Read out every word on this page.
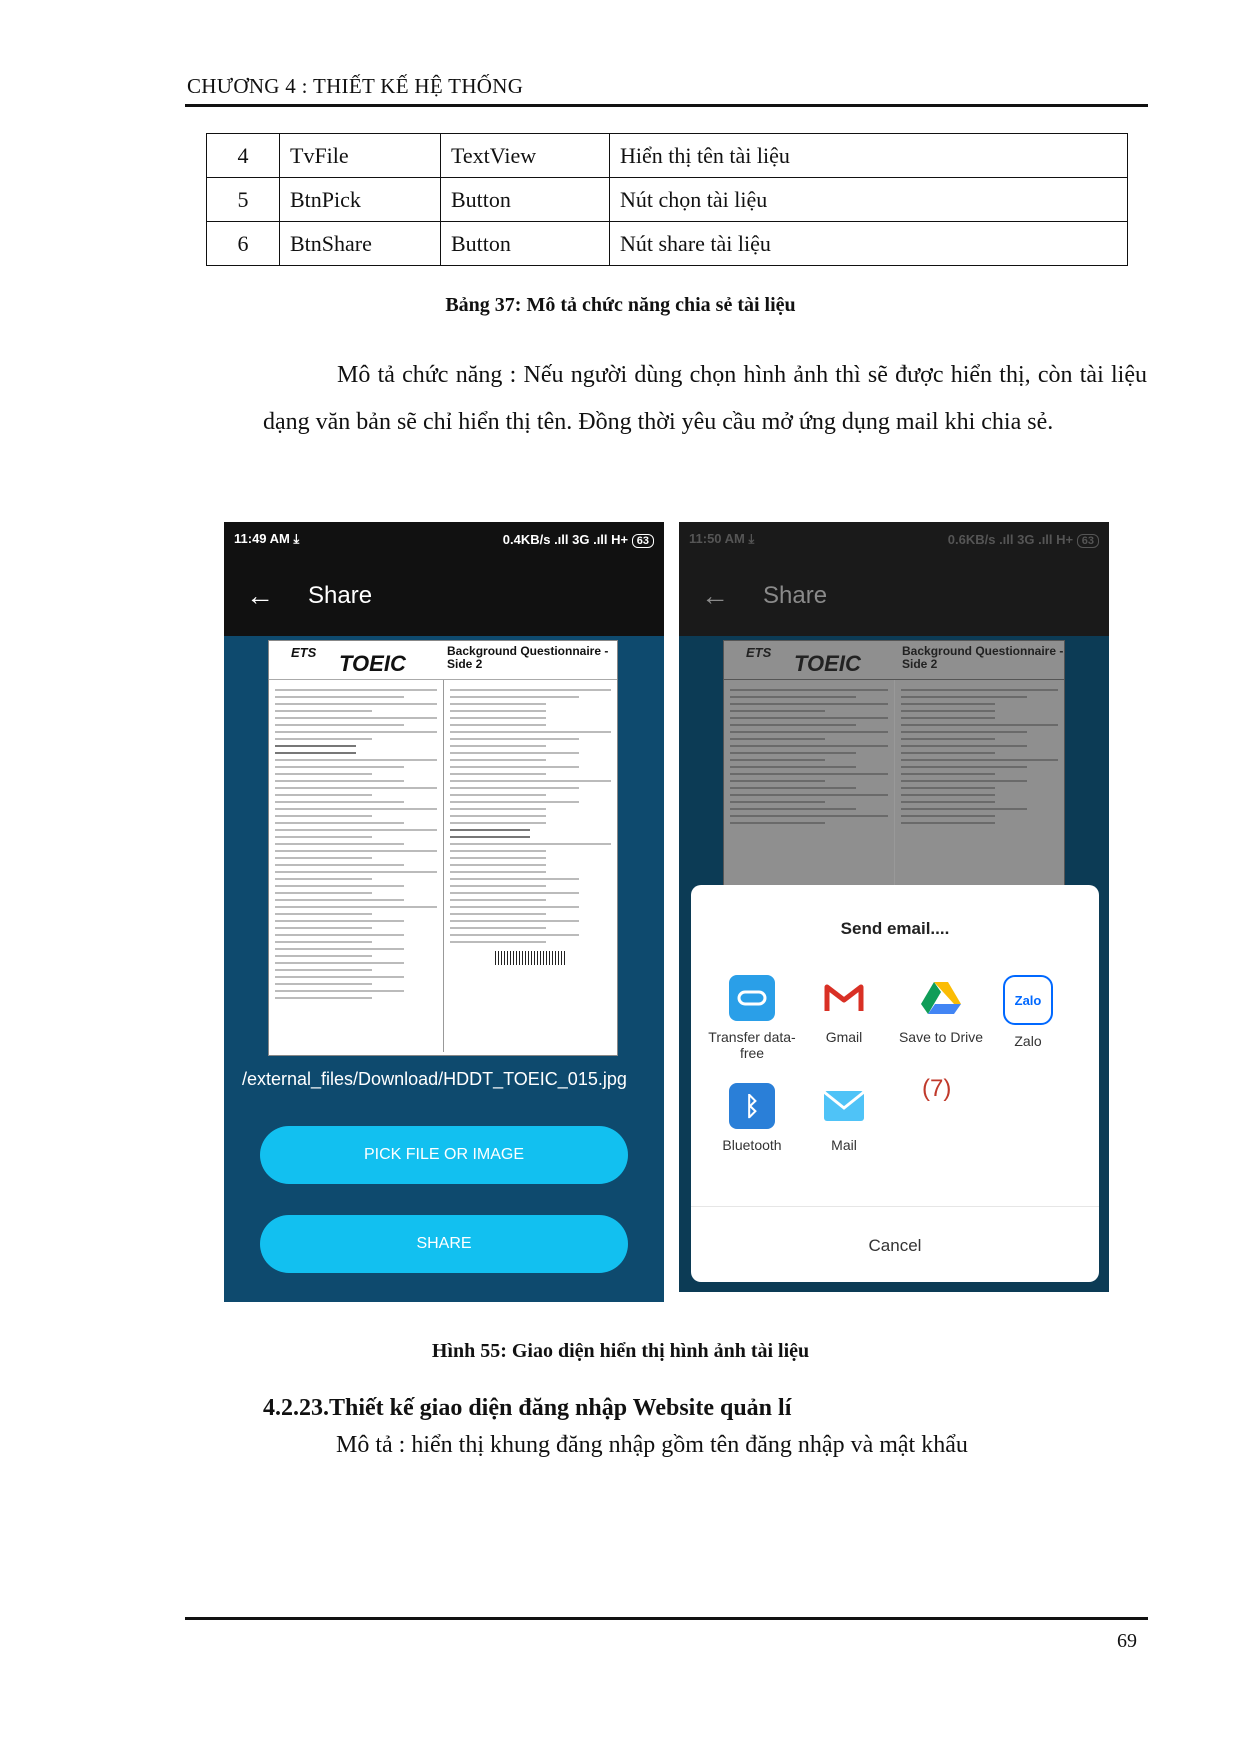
CHƯƠNG 4 : THIẾT KẾ HỆ THỐNG
4	TvFile	TextView	Hiển thị tên tài liệu
5	BtnPick	Button	Nút chọn tài liệu
6	BtnShare	Button	Nút share tài liệu
Bảng 37: Mô tả chức năng chia sẻ tài liệu
Mô tả chức năng : Nếu người dùng chọn hình ảnh thì sẽ được hiển thị, còn tài liệu dạng văn bản sẽ chỉ hiển thị tên. Đồng thời yêu cầu mở ứng dụng mail khi chia sẻ.
11:49 AM ⤓	0.4KB/s .ıll 3G .ıll H+ 63
←	Share
ETS TOEIC	Background Questionnaire - Side 2
/external_files/Download/HDDT_TOEIC_015.jpg
PICK FILE OR IMAGE
SHARE
11:50 AM ⤓	0.6KB/s .ıll 3G .ıll H+ 63
←	Share
ETS TOEIC	Background Questionnaire - Side 2
Send email....
Transfer data-free
Gmail	Save to Drive
Zalo
Zalo
ᛒ
Bluetooth	Mail
(7)
Cancel
Hình 55: Giao diện hiển thị hình ảnh tài liệu
4.2.23.Thiết kế giao diện đăng nhập Website quản lí
Mô tả : hiển thị khung đăng nhập gồm tên đăng nhập và mật khẩu
69
